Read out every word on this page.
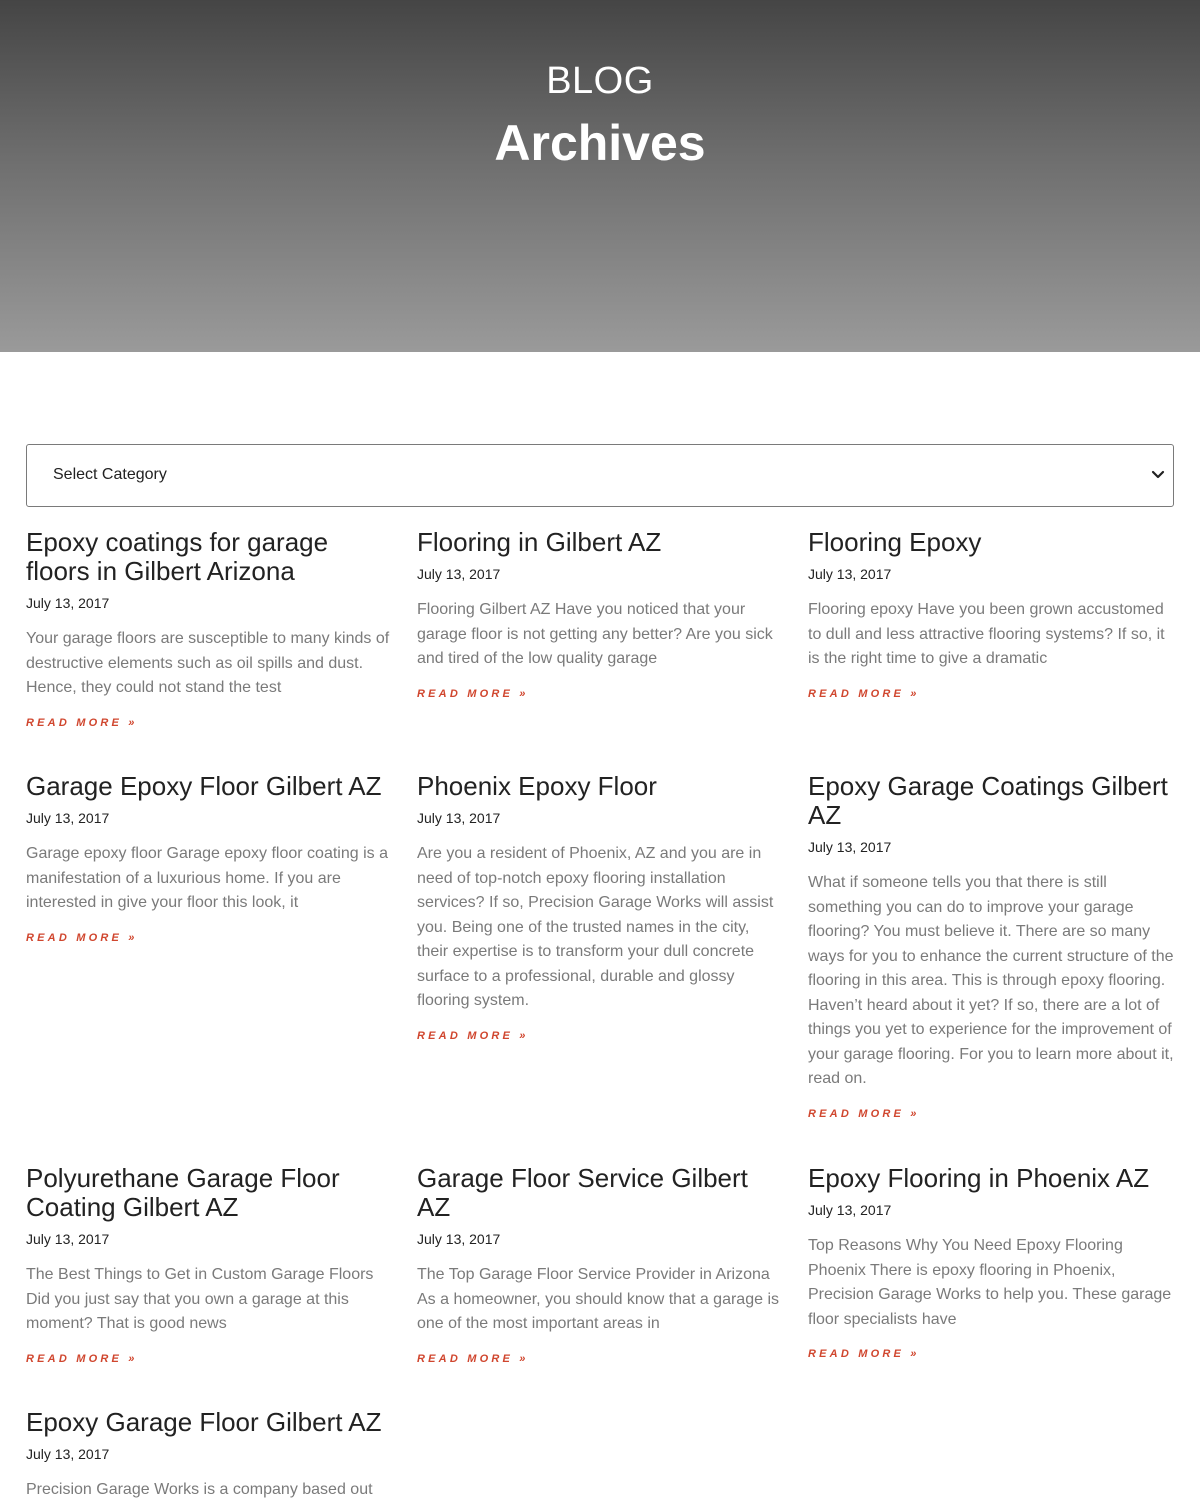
BLOG
Archives
Select Category
Epoxy coatings for garage floors in Gilbert Arizona
July 13, 2017

Your garage floors are susceptible to many kinds of destructive elements such as oil spills and dust. Hence, they could not stand the test

READ MORE »
Flooring in Gilbert AZ
July 13, 2017

Flooring Gilbert AZ Have you noticed that your garage floor is not getting any better? Are you sick and tired of the low quality garage

READ MORE »
Flooring Epoxy
July 13, 2017

Flooring epoxy Have you been grown accustomed to dull and less attractive flooring systems? If so, it is the right time to give a dramatic

READ MORE »
Garage Epoxy Floor Gilbert AZ
July 13, 2017

Garage epoxy floor Garage epoxy floor coating is a manifestation of a luxurious home. If you are interested in give your floor this look, it

READ MORE »
Phoenix Epoxy Floor
July 13, 2017

Are you a resident of Phoenix, AZ and you are in need of top-notch epoxy flooring installation services? If so, Precision Garage Works will assist you. Being one of the trusted names in the city, their expertise is to transform your dull concrete surface to a professional, durable and glossy flooring system.

READ MORE »
Epoxy Garage Coatings Gilbert AZ
July 13, 2017

What if someone tells you that there is still something you can do to improve your garage flooring? You must believe it. There are so many ways for you to enhance the current structure of the flooring in this area. This is through epoxy flooring. Haven’t heard about it yet? If so, there are a lot of things you yet to experience for the improvement of your garage flooring. For you to learn more about it, read on.

READ MORE »
Polyurethane Garage Floor Coating Gilbert AZ
July 13, 2017

The Best Things to Get in Custom Garage Floors Did you just say that you own a garage at this moment? That is good news

READ MORE »
Garage Floor Service Gilbert AZ
July 13, 2017

The Top Garage Floor Service Provider in Arizona As a homeowner, you should know that a garage is one of the most important areas in

READ MORE »
Epoxy Flooring in Phoenix AZ
July 13, 2017

Top Reasons Why You Need Epoxy Flooring Phoenix There is epoxy flooring in Phoenix, Precision Garage Works to help you. These garage floor specialists have

READ MORE »
Epoxy Garage Floor Gilbert AZ
July 13, 2017

Precision Garage Works is a company based out
